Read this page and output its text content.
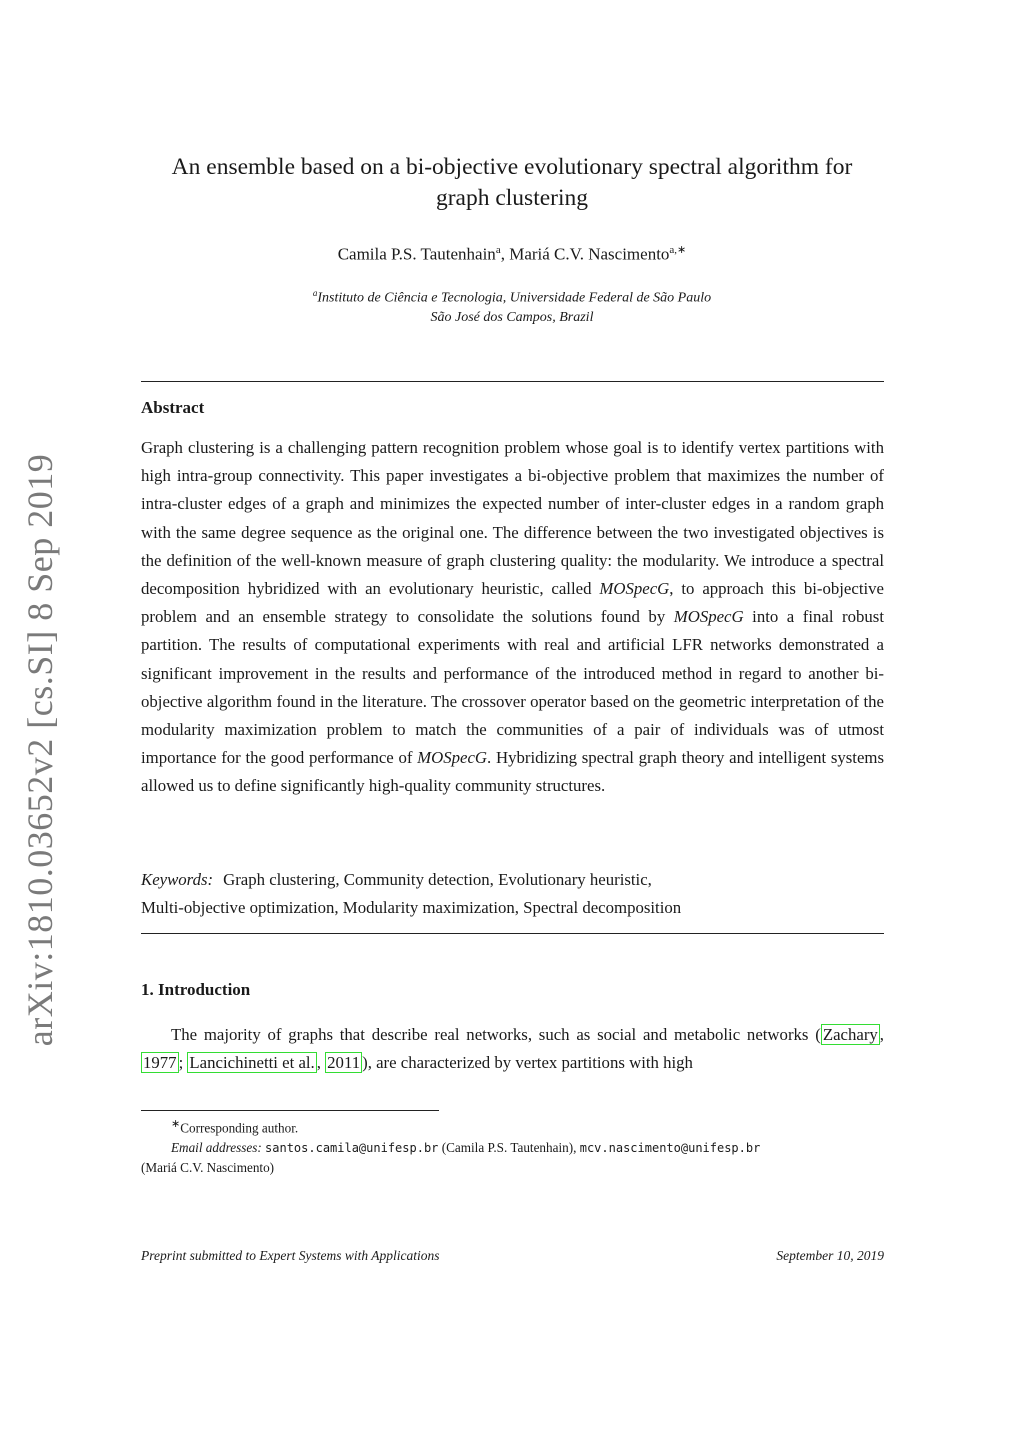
arXiv:1810.03652v2 [cs.SI] 8 Sep 2019
An ensemble based on a bi-objective evolutionary spectral algorithm for
graph clustering
Camila P.S. Tautenhain$^a$, Mariá C.V. Nascimento$^{a,∗}$
$^a$Instituto de Ciência e Tecnologia, Universidade Federal de São Paulo
São José dos Campos, Brazil
Abstract

Graph clustering is a challenging pattern recognition problem whose goal is to identify vertex partitions with high intra-group connectivity. This paper investigates a bi-objective problem that maximizes the number of intra-cluster edges of a graph and minimizes the expected number of inter-cluster edges in a random graph with the same degree sequence as the original one. The difference between the two investigated objectives is the definition of the well-known measure of graph clustering quality: the modularity. We introduce a spectral decomposition hybridized with an evolutionary heuristic, called MOSpecG, to approach this bi-objective problem and an ensemble strategy to consolidate the solutions found by MOSpecG into a final robust partition. The results of computational experiments with real and artificial LFR networks demonstrated a significant improvement in the results and performance of the introduced method in regard to another bi-objective algorithm found in the literature. The crossover operator based on the geometric interpretation of the modularity maximization problem to match the communities of a pair of individuals was of utmost importance for the good performance of MOSpecG. Hybridizing spectral graph theory and intelligent systems allowed us to define significantly high-quality community structures.

Keywords: Graph clustering, Community detection, Evolutionary heuristic,
Multi-objective optimization, Modularity maximization, Spectral decomposition
1. Introduction

The majority of graphs that describe real networks, such as social and metabolic networks ( Zachary , 1977 ; Lancichinetti et al. , 2011 ), are characterized by vertex partitions with high

∗Corresponding author.
Email addresses: santos.camila@unifesp.br (Camila P.S. Tautenhain), mcv.nascimento@unifesp.br
(Mariá C.V. Nascimento)
Preprint submitted to Expert Systems with Applications	September 10, 2019
